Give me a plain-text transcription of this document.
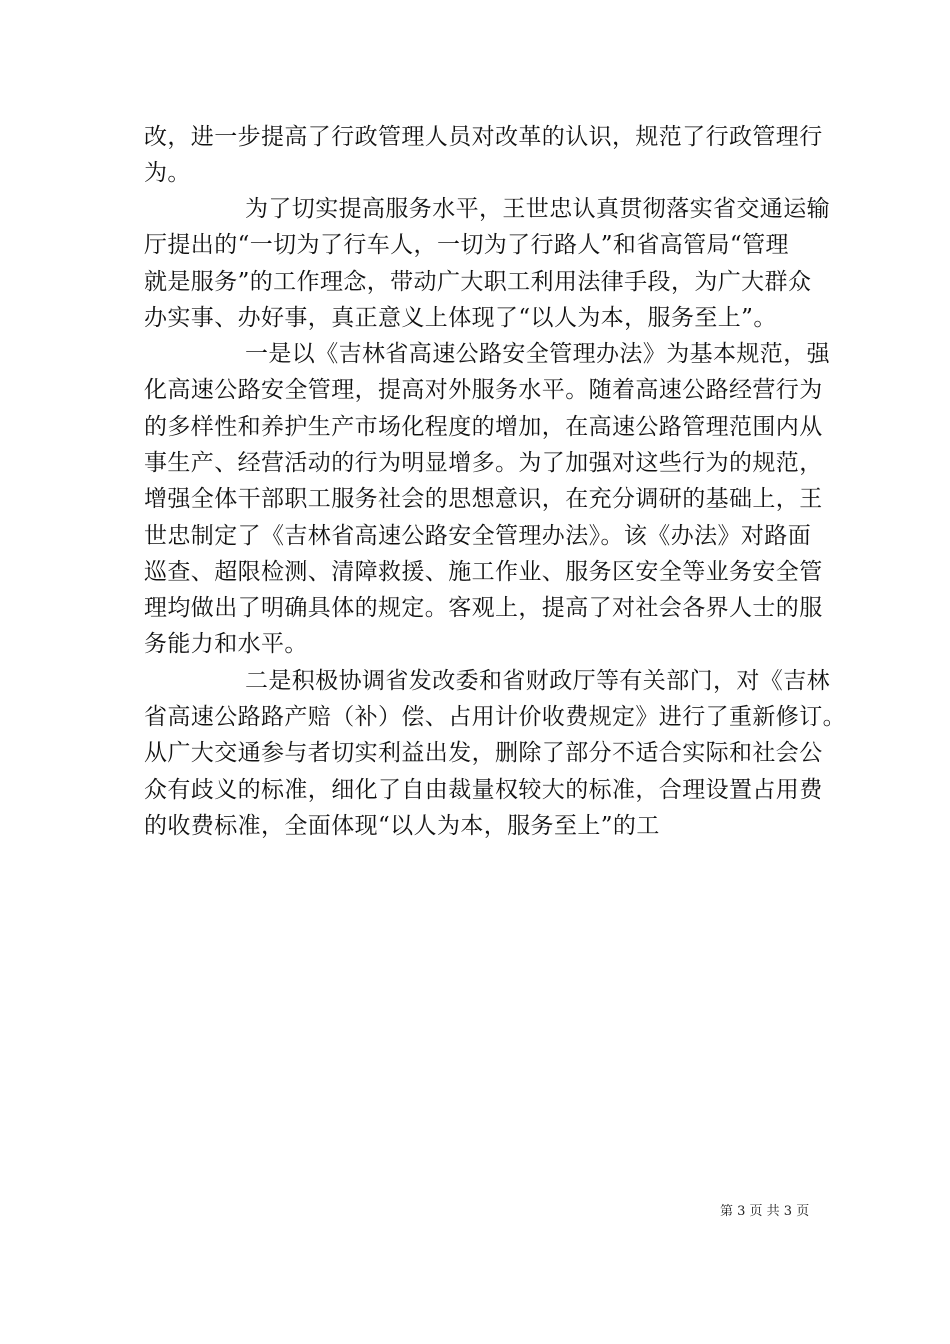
改，进一步提高了行政管理人员对改革的认识，规范了行政管理行
为。
为了切实提高服务水平，王世忠认真贯彻落实省交通运输
厅提出的“一切为了行车人，一切为了行路人”和省高管局“管理
就是服务”的工作理念，带动广大职工利用法律手段，为广大群众
办实事、办好事，真正意义上体现了“以人为本，服务至上”。
一是以《吉林省高速公路安全管理办法》为基本规范，强
化高速公路安全管理，提高对外服务水平。随着高速公路经营行为
的多样性和养护生产市场化程度的增加，在高速公路管理范围内从
事生产、经营活动的行为明显增多。为了加强对这些行为的规范，
增强全体干部职工服务社会的思想意识，在充分调研的基础上，王
世忠制定了《吉林省高速公路安全管理办法》。该《办法》对路面
巡查、超限检测、清障救援、施工作业、服务区安全等业务安全管
理均做出了明确具体的规定。客观上，提高了对社会各界人士的服
务能力和水平。
二是积极协调省发改委和省财政厅等有关部门，对《吉林
省高速公路路产赔（补）偿、占用计价收费规定》进行了重新修订。
从广大交通参与者切实利益出发，删除了部分不适合实际和社会公
众有歧义的标准，细化了自由裁量权较大的标准，合理设置占用费
的收费标准，全面体现“以人为本，服务至上”的工
第 3 页 共 3 页
